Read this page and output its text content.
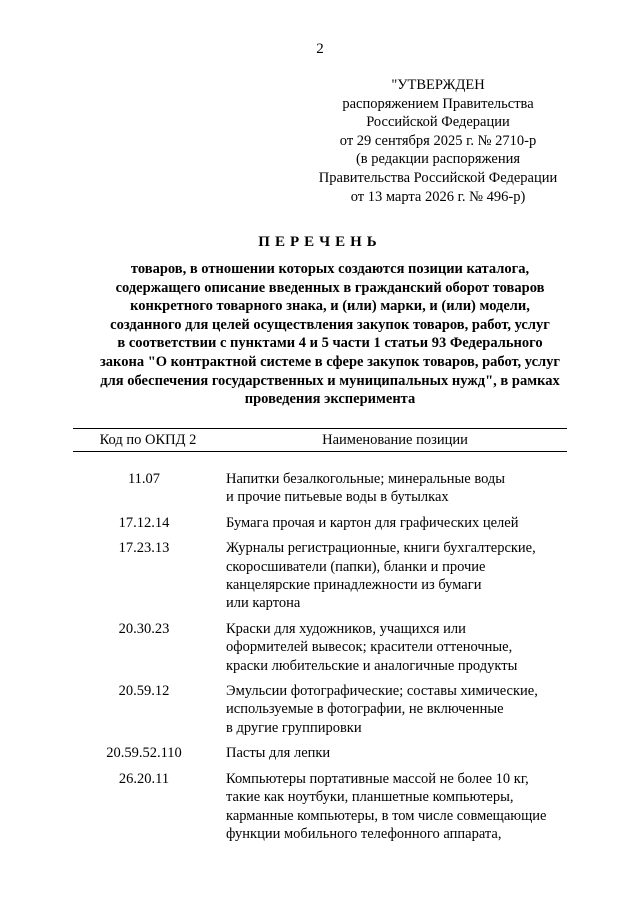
2
"УТВЕРЖДЕН
распоряжением Правительства
Российской Федерации
от 29 сентября 2025 г. № 2710-р
(в редакции распоряжения
Правительства Российской Федерации
от 13 марта 2026 г. № 496-р)
ПЕРЕЧЕНЬ
товаров, в отношении которых создаются позиции каталога,
содержащего описание введенных в гражданский оборот товаров
конкретного товарного знака, и (или) марки, и (или) модели,
созданного для целей осуществления закупок товаров, работ, услуг
в соответствии с пунктами 4 и 5 части 1 статьи 93 Федерального
закона "О контрактной системе в сфере закупок товаров, работ, услуг
для обеспечения государственных и муниципальных нужд", в рамках
проведения эксперимента
Код по ОКПД 2	Наименование позиции
11.07	Напитки безалкогольные; минеральные воды
и прочие питьевые воды в бутылках
17.12.14	Бумага прочая и картон для графических целей
17.23.13	Журналы регистрационные, книги бухгалтерские,
скоросшиватели (папки), бланки и прочие
канцелярские принадлежности из бумаги
или картона
20.30.23	Краски для художников, учащихся или
оформителей вывесок; красители оттеночные,
краски любительские и аналогичные продукты
20.59.12	Эмульсии фотографические; составы химические,
используемые в фотографии, не включенные
в другие группировки
20.59.52.110	Пасты для лепки
26.20.11	Компьютеры портативные массой не более 10 кг,
такие как ноутбуки, планшетные компьютеры,
карманные компьютеры, в том числе совмещающие
функции мобильного телефонного аппарата,
